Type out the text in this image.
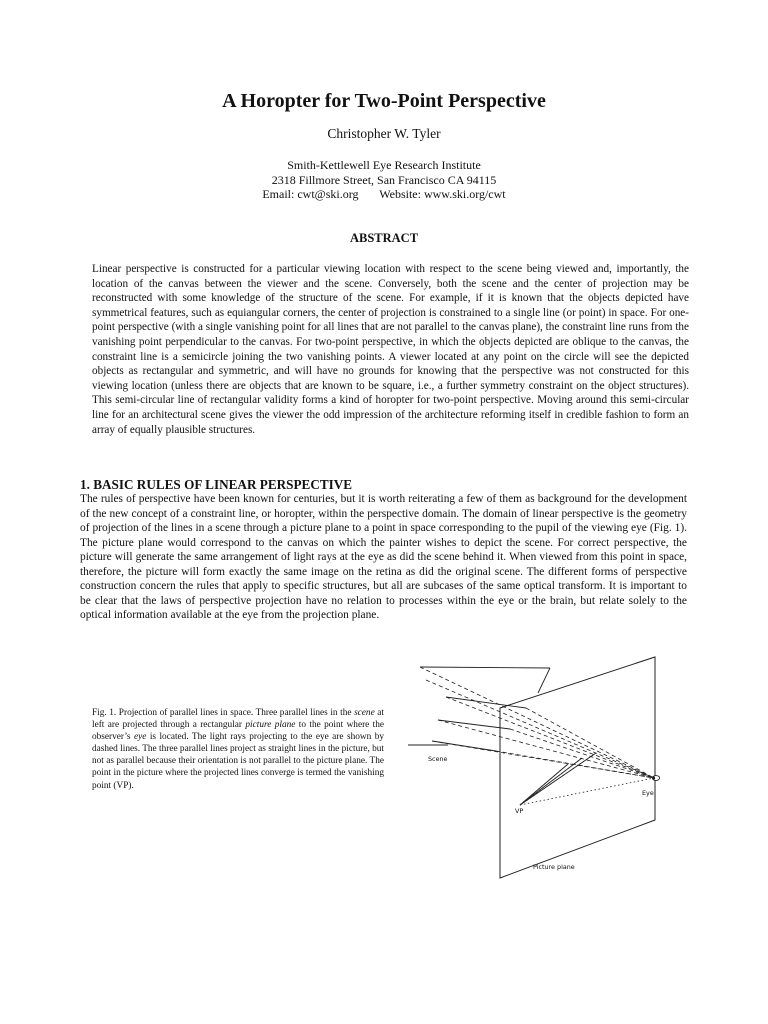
A Horopter for Two-Point Perspective
Christopher W. Tyler
Smith-Kettlewell Eye Research Institute
2318 Fillmore Street, San Francisco CA 94115
Email: cwt@ski.org       Website: www.ski.org/cwt
ABSTRACT

Linear perspective is constructed for a particular viewing location with respect to the scene being viewed and, importantly, the location of the canvas between the viewer and the scene. Conversely, both the scene and the center of projection may be reconstructed with some knowledge of the structure of the scene. For example, if it is known that the objects depicted have symmetrical features, such as equiangular corners, the center of projection is constrained to a single line (or point) in space. For one-point perspective (with a single vanishing point for all lines that are not parallel to the canvas plane), the constraint line runs from the vanishing point perpendicular to the canvas. For two-point perspective, in which the objects depicted are oblique to the canvas, the constraint line is a semicircle joining the two vanishing points. A viewer located at any point on the circle will see the depicted objects as rectangular and symmetric, and will have no grounds for knowing that the perspective was not constructed for this viewing location (unless there are objects that are known to be square, i.e., a further symmetry constraint on the object structures). This semi-circular line of rectangular validity forms a kind of horopter for two-point perspective. Moving around this semi-circular line for an architectural scene gives the viewer the odd impression of the architecture reforming itself in credible fashion to form an array of equally plausible structures.

1. BASIC RULES OF LINEAR PERSPECTIVE

The rules of perspective have been known for centuries, but it is worth reiterating a few of them as background for the development of the new concept of a constraint line, or horopter, within the perspective domain. The domain of linear perspective is the geometry of projection of the lines in a scene through a picture plane to a point in space corresponding to the pupil of the viewing eye (Fig. 1). The picture plane would correspond to the canvas on which the painter wishes to depict the scene. For correct perspective, the picture will generate the same arrangement of light rays at the eye as did the scene behind it. When viewed from this point in space, therefore, the picture will form exactly the same image on the retina as did the original scene. The different forms of perspective construction concern the rules that apply to specific structures, but all are subcases of the same optical transform. It is important to be clear that the laws of perspective projection have no relation to processes within the eye or the brain, but relate solely to the optical information available at the eye from the projection plane.

Fig. 1. Projection of parallel lines in space. Three parallel lines in the scene at left are projected through a rectangular picture plane to the point where the observer’s eye is located. The light rays projecting to the eye are shown by dashed lines. The three parallel lines project as straight lines in the picture, but not as parallel because their orientation is not parallel to the picture plane. The point in the picture where the projected lines converge is termed the vanishing point (VP).

Scene
VP
Eye
Picture plane
